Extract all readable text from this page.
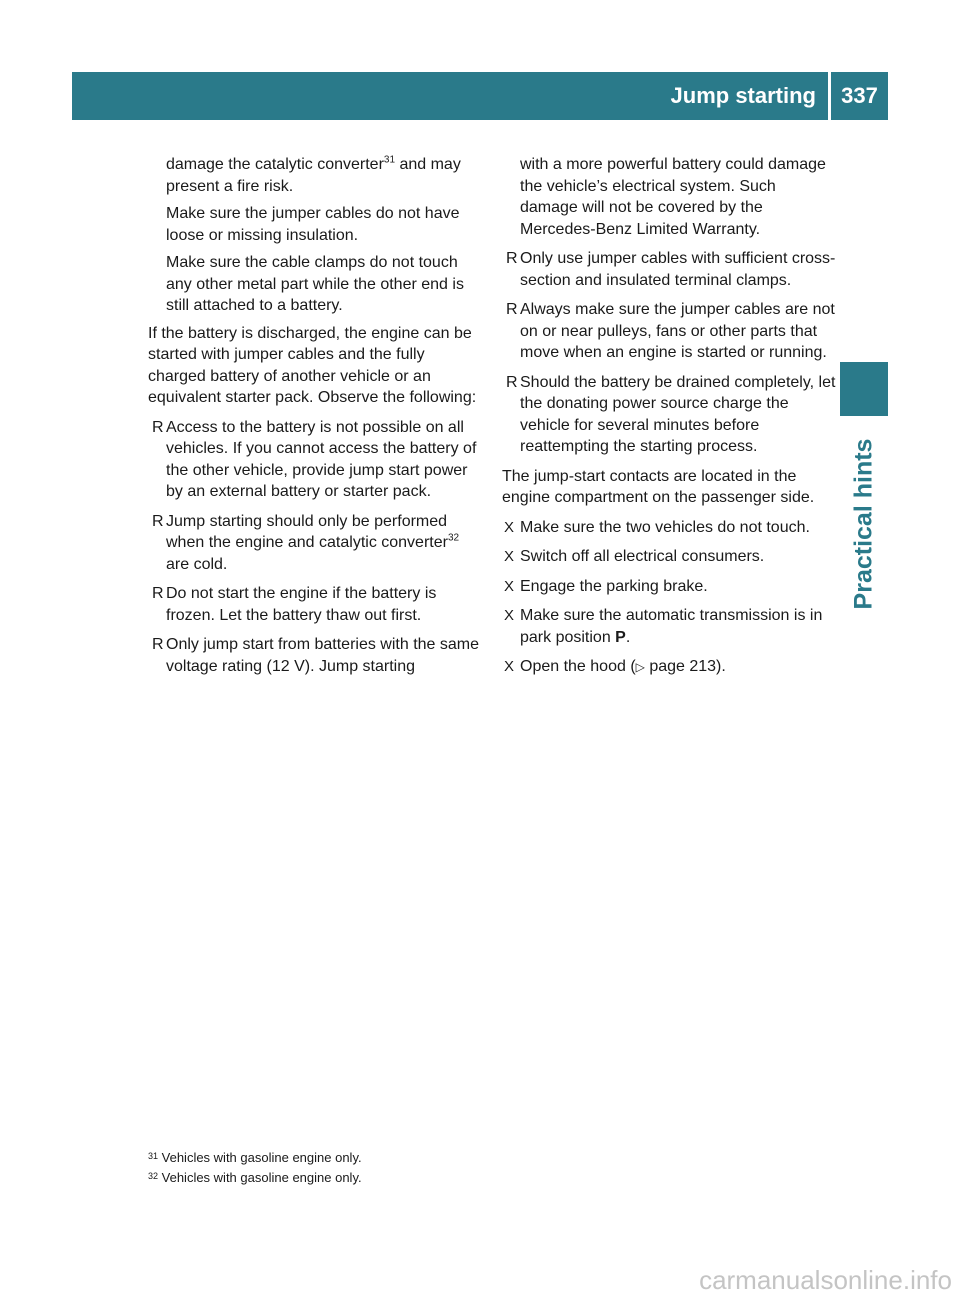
Jump starting	337
Practical hints

damage the catalytic converter$^{31}$ and may present a fire risk.

Make sure the jumper cables do not have loose or missing insulation.

Make sure the cable clamps do not touch any other metal part while the other end is still attached to a battery.

If the battery is discharged, the engine can be started with jumper cables and the fully charged battery of another vehicle or an equivalent starter pack. Observe the following:

R Access to the battery is not possible on all vehicles. If you cannot access the battery of the other vehicle, provide jump start power by an external battery or starter pack.
R Jump starting should only be performed when the engine and catalytic converter$^{32}$ are cold.
R Do not start the engine if the battery is frozen. Let the battery thaw out first.
R Only jump start from batteries with the same voltage rating (12 V). Jump starting

with a more powerful battery could damage the vehicle’s electrical system. Such damage will not be covered by the Mercedes-Benz Limited Warranty.

R Only use jumper cables with sufficient cross-section and insulated terminal clamps.
R Always make sure the jumper cables are not on or near pulleys, fans or other parts that move when an engine is started or running.
R Should the battery be drained completely, let the donating power source charge the vehicle for several minutes before reattempting the starting process.

The jump-start contacts are located in the engine compartment on the passenger side.

X Make sure the two vehicles do not touch.
X Switch off all electrical consumers.
X Engage the parking brake.
X Make sure the automatic transmission is in park position P.
X Open the hood (▷ page 213).
$^{31}$ Vehicles with gasoline engine only.
$^{32}$ Vehicles with gasoline engine only.
carmanualsonline.info
